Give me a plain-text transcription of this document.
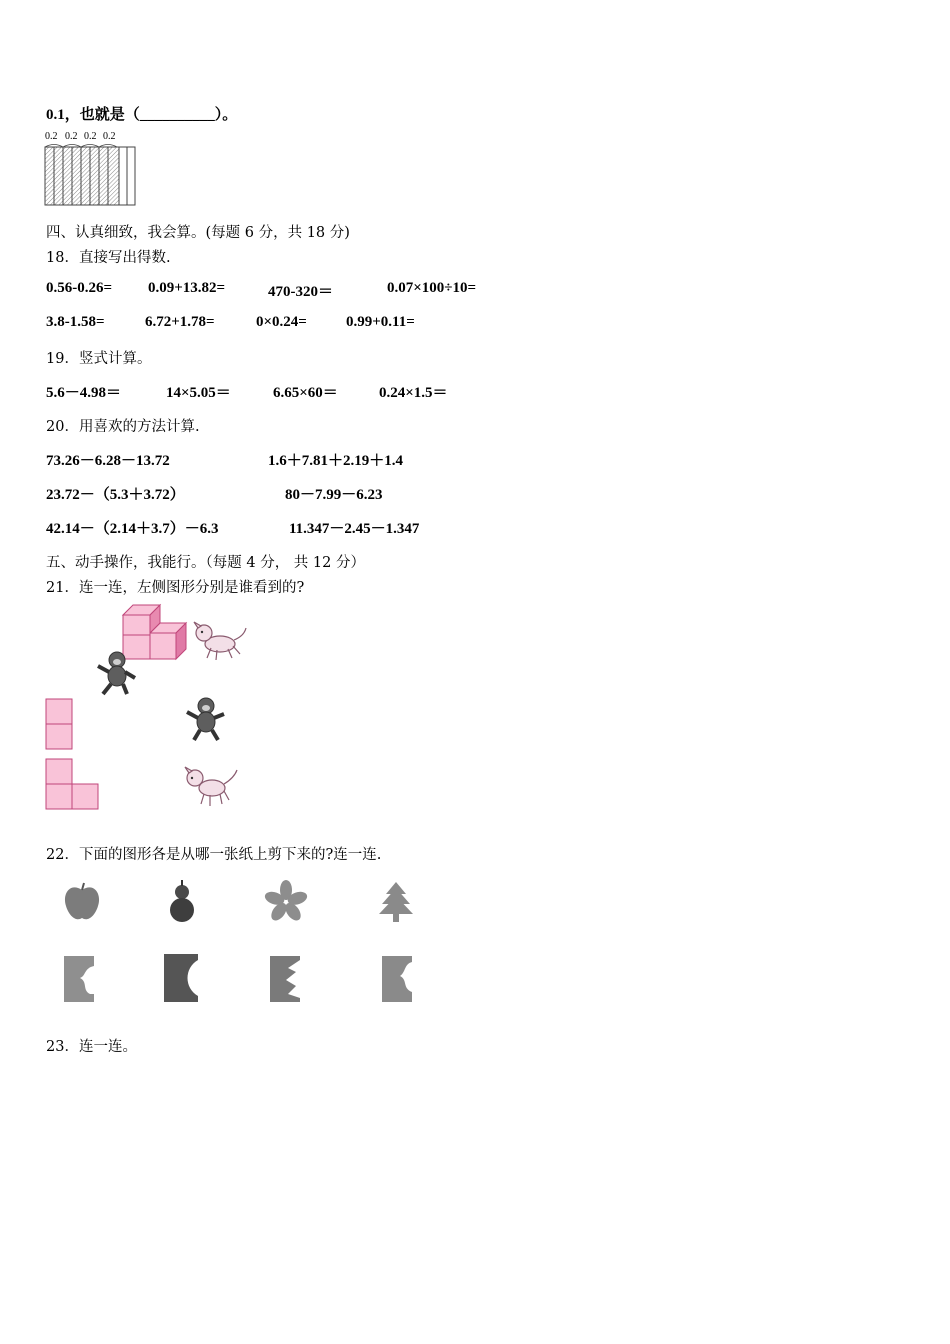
0.1，也就是（__________）。
0.2 0.2 0.2 0.2
四、认真细致，我会算。(每题 6 分，共 18 分)
18．直接写出得数.
0.56-0.26= 0.09+13.82=	470-320＝	0.07×100÷10=
3.8-1.58=	6.72+1.78=	0×0.24=	0.99+0.11=
19．竖式计算。
5.6－4.98＝	14×5.05＝	6.65×60＝	0.24×1.5＝
20．用喜欢的方法计算.
73.26－6.28－13.72	1.6＋7.81＋2.19＋1.4
23.72－（5.3＋3.72）	80－7.99－6.23
42.14－（2.14＋3.7）－6.3	11.347－2.45－1.347
五、动手操作，我能行。（每题 4 分， 共 12 分）
21．连一连，左侧图形分别是谁看到的?
22．下面的图形各是从哪一张纸上剪下来的?连一连.
23．连一连。
